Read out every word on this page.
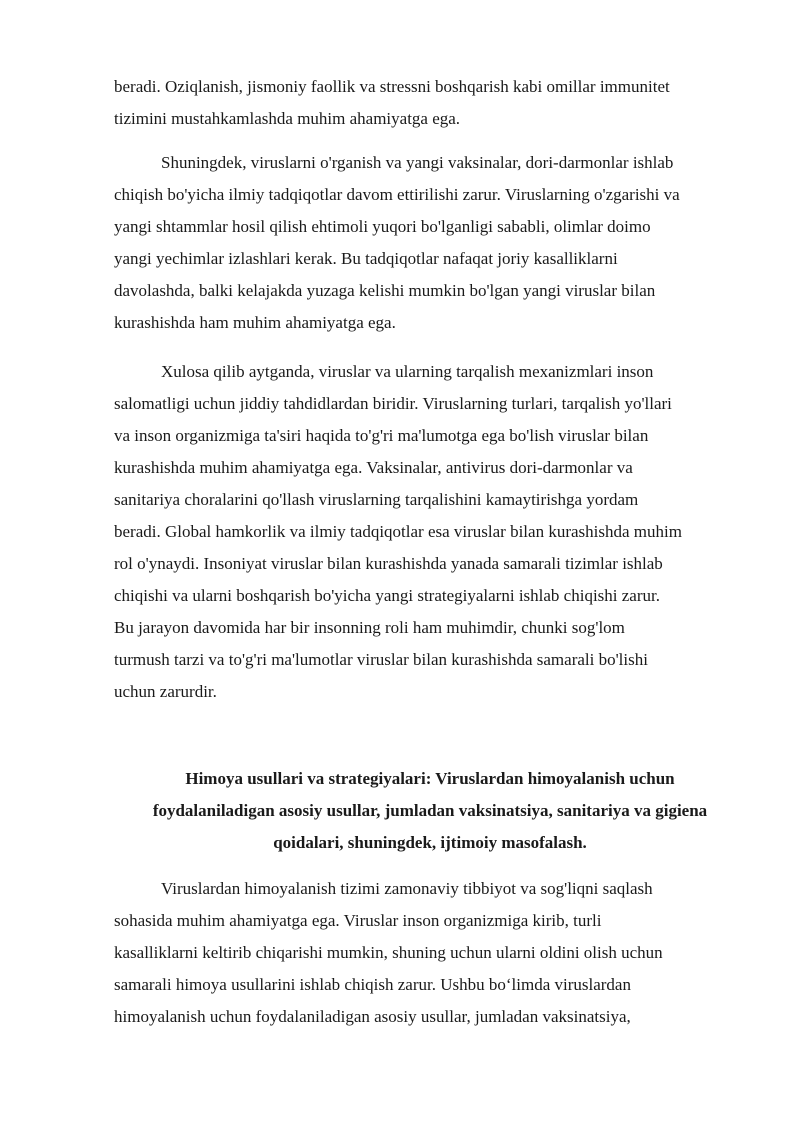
beradi. Oziqlanish, jismoniy faollik va stressni boshqarish kabi omillar immunitet
tizimini mustahkamlashda muhim ahamiyatga ega.
Shuningdek, viruslarni o'rganish va yangi vaksinalar, dori-darmonlar ishlab
chiqish bo'yicha ilmiy tadqiqotlar davom ettirilishi zarur. Viruslarning o'zgarishi va
yangi shtammlar hosil qilish ehtimoli yuqori bo'lganligi sababli, olimlar doimo
yangi yechimlar izlashlari kerak. Bu tadqiqotlar nafaqat joriy kasalliklarni
davolashda, balki kelajakda yuzaga kelishi mumkin bo'lgan yangi viruslar bilan
kurashishda ham muhim ahamiyatga ega.
Xulosa qilib aytganda, viruslar va ularning tarqalish mexanizmlari inson
salomatligi uchun jiddiy tahdidlardan biridir. Viruslarning turlari, tarqalish yo'llari
va inson organizmiga ta'siri haqida to'g'ri ma'lumotga ega bo'lish viruslar bilan
kurashishda muhim ahamiyatga ega. Vaksinalar, antivirus dori-darmonlar va
sanitariya choralarini qo'llash viruslarning tarqalishini kamaytirishga yordam
beradi. Global hamkorlik va ilmiy tadqiqotlar esa viruslar bilan kurashishda muhim
rol o'ynaydi. Insoniyat viruslar bilan kurashishda yanada samarali tizimlar ishlab
chiqishi va ularni boshqarish bo'yicha yangi strategiyalarni ishlab chiqishi zarur.
Bu jarayon davomida har bir insonning roli ham muhimdir, chunki sog'lom
turmush tarzi va to'g'ri ma'lumotlar viruslar bilan kurashishda samarali bo'lishi
uchun zarurdir.
Himoya usullari va strategiyalari: Viruslardan himoyalanish uchun
foydalaniladigan asosiy usullar, jumladan vaksinatsiya, sanitariya va gigiena
qoidalari, shuningdek, ijtimoiy masofalash.
Viruslardan himoyalanish tizimi zamonaviy tibbiyot va sog'liqni saqlash
sohasida muhim ahamiyatga ega. Viruslar inson organizmiga kirib, turli
kasalliklarni keltirib chiqarishi mumkin, shuning uchun ularni oldini olish uchun
samarali himoya usullarini ishlab chiqish zarur. Ushbu bo‘limda viruslardan
himoyalanish uchun foydalaniladigan asosiy usullar, jumladan vaksinatsiya,
